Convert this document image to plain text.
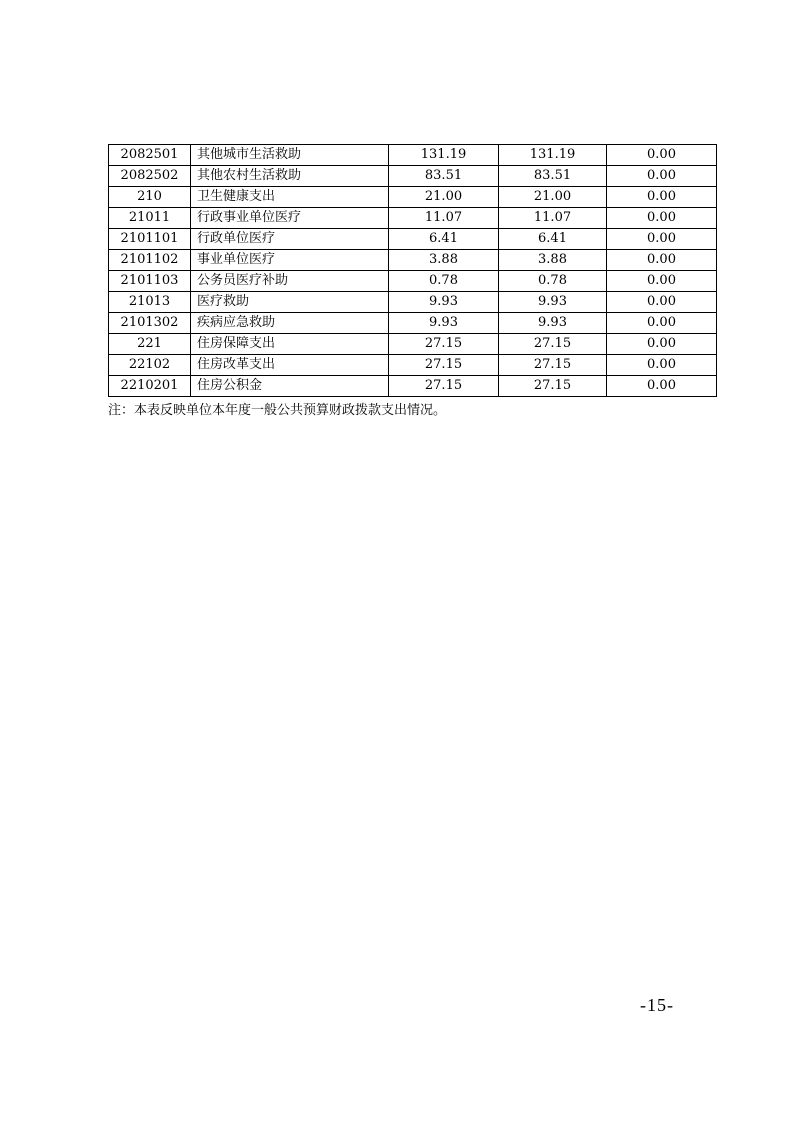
2082501	其他城市生活救助	131.19	131.19	0.00
2082502	其他农村生活救助	83.51	83.51	0.00
210	卫生健康支出	21.00	21.00	0.00
21011	行政事业单位医疗	11.07	11.07	0.00
2101101	行政单位医疗	6.41	6.41	0.00
2101102	事业单位医疗	3.88	3.88	0.00
2101103	公务员医疗补助	0.78	0.78	0.00
21013	医疗救助	9.93	9.93	0.00
2101302	疾病应急救助	9.93	9.93	0.00
221	住房保障支出	27.15	27.15	0.00
22102	住房改革支出	27.15	27.15	0.00
2210201	住房公积金	27.15	27.15	0.00
注：本表反映单位本年度一般公共预算财政拨款支出情况。
-15-
